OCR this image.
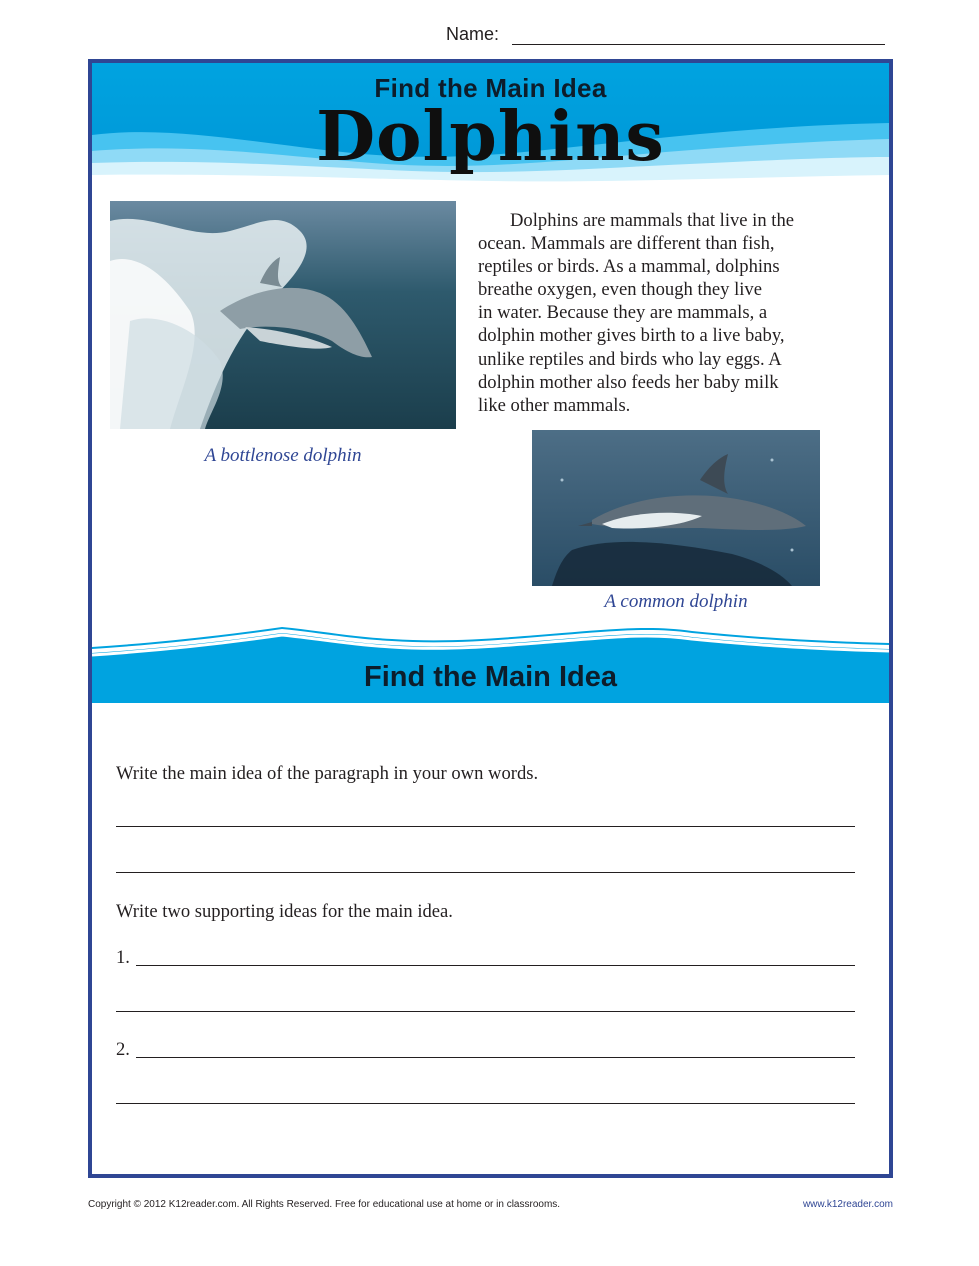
Name:
Find the Main Idea
Dolphins
A bottlenose dolphin
Dolphins are mammals that live in the
ocean. Mammals are different than fish,
reptiles or birds. As a mammal, dolphins
breathe oxygen, even though they live
in water. Because they are mammals, a
dolphin mother gives birth to a live baby,
unlike reptiles and birds who lay eggs. A
dolphin mother also feeds her baby milk
like other mammals.
A common dolphin
Find the Main Idea
Write the main idea of the paragraph in your own words.
Write two supporting ideas for the main idea.
1.
2.
Copyright © 2012 K12reader.com. All Rights Reserved. Free for educational use at home or in classrooms.	www.k12reader.com
